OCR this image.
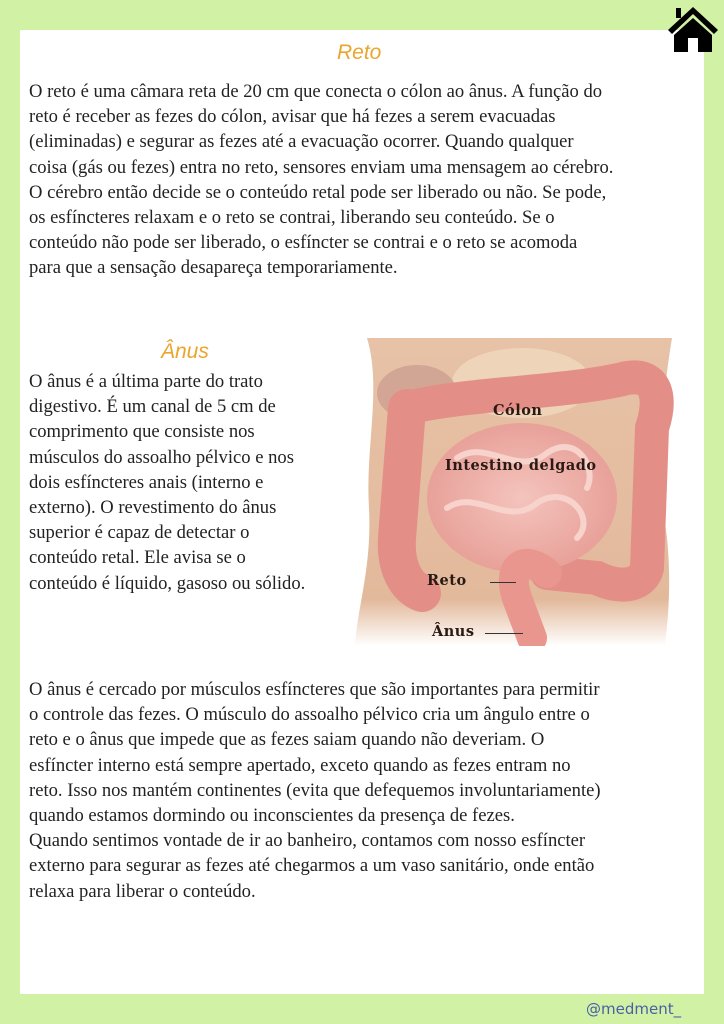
Reto
O reto é uma câmara reta de 20 cm que conecta o cólon ao ânus. A função do
reto é receber as fezes do cólon, avisar que há fezes a serem evacuadas
(eliminadas) e segurar as fezes até a evacuação ocorrer. Quando qualquer
coisa (gás ou fezes) entra no reto, sensores enviam uma mensagem ao cérebro.
O cérebro então decide se o conteúdo retal pode ser liberado ou não. Se pode,
os esfíncteres relaxam e o reto se contrai, liberando seu conteúdo. Se o
conteúdo não pode ser liberado, o esfíncter se contrai e o reto se acomoda
para que a sensação desapareça temporariamente.
Ânus
O ânus é a última parte do trato
digestivo. É um canal de 5 cm de
comprimento que consiste nos
músculos do assoalho pélvico e nos
dois esfíncteres anais (interno e
externo). O revestimento do ânus
superior é capaz de detectar o
conteúdo retal. Ele avisa se o
conteúdo é líquido, gasoso ou sólido.
Cólon
Intestino delgado
Reto
Ânus
O ânus é cercado por músculos esfíncteres que são importantes para permitir
o controle das fezes. O músculo do assoalho pélvico cria um ângulo entre o
reto e o ânus que impede que as fezes saiam quando não deveriam. O
esfíncter interno está sempre apertado, exceto quando as fezes entram no
reto. Isso nos mantém continentes (evita que defequemos involuntariamente)
quando estamos dormindo ou inconscientes da presença de fezes.
Quando sentimos vontade de ir ao banheiro, contamos com nosso esfíncter
externo para segurar as fezes até chegarmos a um vaso sanitário, onde então
relaxa para liberar o conteúdo.
@medment_
